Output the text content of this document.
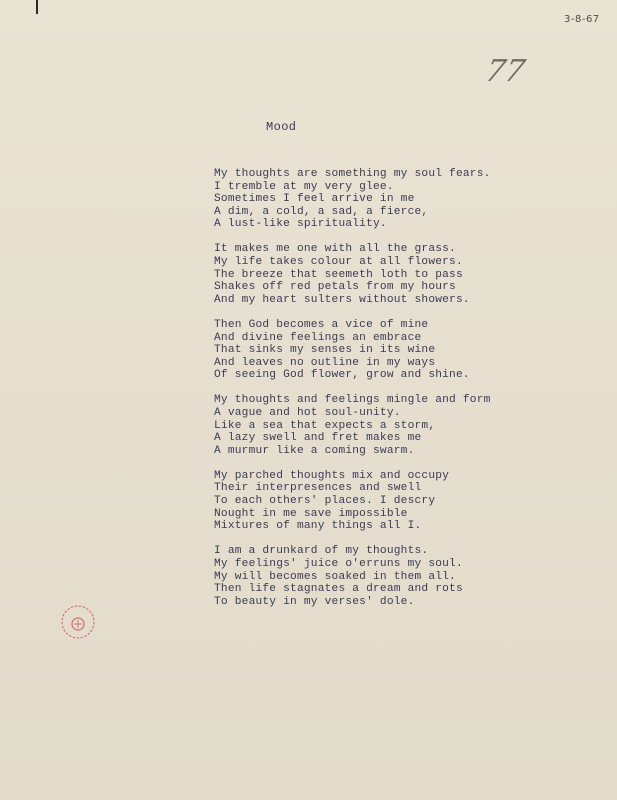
3-8-67
77
Mood
My thoughts are something my soul fears.
I tremble at my very glee.
Sometimes I feel arrive in me
A dim, a cold, a sad, a fierce,
A lust-like spirituality.
It makes me one with all the grass.
My life takes colour at all flowers.
The breeze that seemeth loth to pass
Shakes off red petals from my hours
And my heart sulters without showers.
Then God becomes a vice of mine
And divine feelings an embrace
That sinks my senses in its wine
And leaves no outline in my ways
Of seeing God flower, grow and shine.
My thoughts and feelings mingle and form
A vague and hot soul-unity.
Like a sea that expects a storm,
A lazy swell and fret makes me
A murmur like a coming swarm.
My parched thoughts mix and occupy
Their interpresences and swell
To each others' places. I descry
Nought in me save impossible
Mixtures of many things all I.
I am a drunkard of my thoughts.
My feelings' juice o'erruns my soul.
My will becomes soaked in them all.
Then life stagnates a dream and rots
To beauty in my verses' dole.
